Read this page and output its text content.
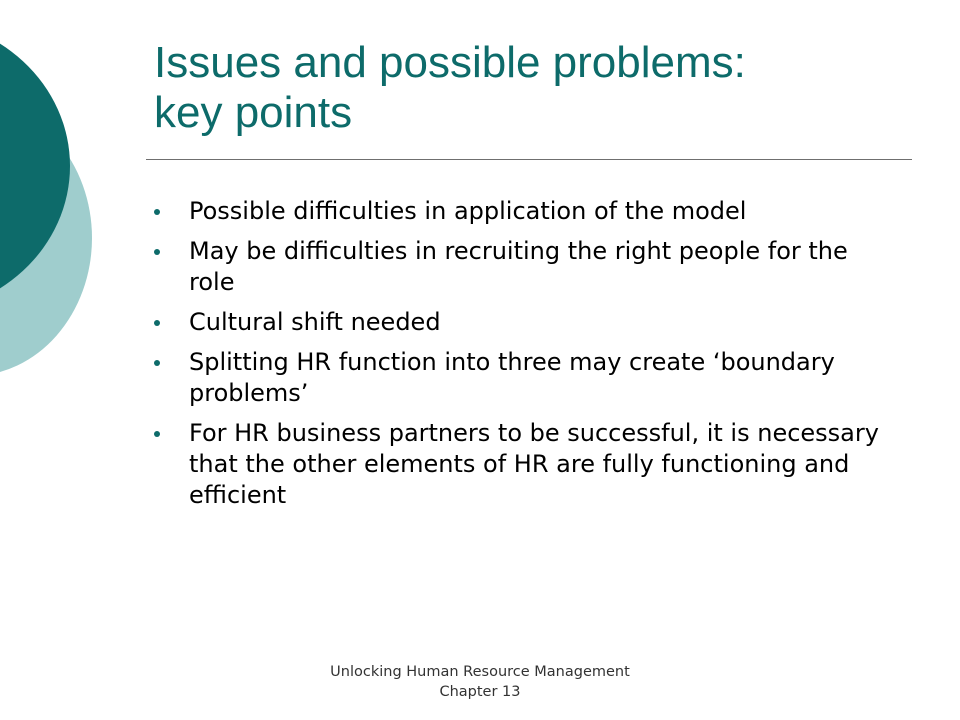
Issues and possible problems:
key points
Possible difficulties in application of the model
May be difficulties in recruiting the right people for the role
Cultural shift needed
Splitting HR function into three may create ‘boundary problems’
For HR business partners to be successful, it is necessary that the other elements of HR are fully functioning and efficient
Unlocking Human Resource Management
Chapter 13
